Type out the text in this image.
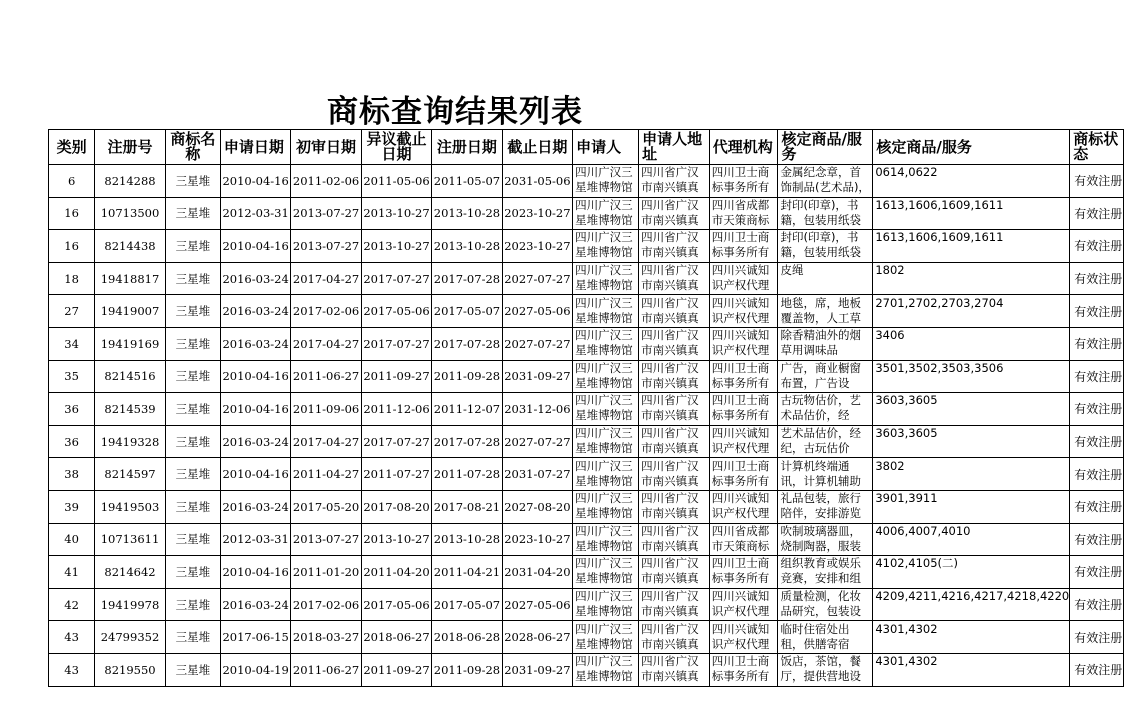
商标查询结果列表
类别	注册号	商标名称	申请日期	初审日期	异议截止日期	注册日期	截止日期	申请人	申请人地址	代理机构	核定商品/服务	核定商品/服务	商标状态
6	8214288	三星堆	2010-04-16	2011-02-06	2011-05-06	2011-05-07	2031-05-06	四川广汉三星堆博物馆	四川省广汉市南兴镇真	四川卫士商标事务所有	金属纪念章，首饰制品(艺术品)，	0614,0622	有效注册
16	10713500	三星堆	2012-03-31	2013-07-27	2013-10-27	2013-10-28	2023-10-27	四川广汉三星堆博物馆	四川省广汉市南兴镇真	四川省成都市天策商标	封印(印章)，书籍，包装用纸袋	1613,1606,1609,1611	有效注册
16	8214438	三星堆	2010-04-16	2013-07-27	2013-10-27	2013-10-28	2023-10-27	四川广汉三星堆博物馆	四川省广汉市南兴镇真	四川卫士商标事务所有	封印(印章)，书籍，包装用纸袋	1613,1606,1609,1611	有效注册
18	19418817	三星堆	2016-03-24	2017-04-27	2017-07-27	2017-07-28	2027-07-27	四川广汉三星堆博物馆	四川省广汉市南兴镇真	四川兴诚知识产权代理	皮绳	1802	有效注册
27	19419007	三星堆	2016-03-24	2017-02-06	2017-05-06	2017-05-07	2027-05-06	四川广汉三星堆博物馆	四川省广汉市南兴镇真	四川兴诚知识产权代理	地毯，席，地板覆盖物，人工草	2701,2702,2703,2704	有效注册
34	19419169	三星堆	2016-03-24	2017-04-27	2017-07-27	2017-07-28	2027-07-27	四川广汉三星堆博物馆	四川省广汉市南兴镇真	四川兴诚知识产权代理	除香精油外的烟草用调味品	3406	有效注册
35	8214516	三星堆	2010-04-16	2011-06-27	2011-09-27	2011-09-28	2031-09-27	四川广汉三星堆博物馆	四川省广汉市南兴镇真	四川卫士商标事务所有	广告，商业橱窗布置，广告设	3501,3502,3503,3506	有效注册
36	8214539	三星堆	2010-04-16	2011-09-06	2011-12-06	2011-12-07	2031-12-06	四川广汉三星堆博物馆	四川省广汉市南兴镇真	四川卫士商标事务所有	古玩物估价，艺术品估价，经	3603,3605	有效注册
36	19419328	三星堆	2016-03-24	2017-04-27	2017-07-27	2017-07-28	2027-07-27	四川广汉三星堆博物馆	四川省广汉市南兴镇真	四川兴诚知识产权代理	艺术品估价，经纪，古玩估价	3603,3605	有效注册
38	8214597	三星堆	2010-04-16	2011-04-27	2011-07-27	2011-07-28	2031-07-27	四川广汉三星堆博物馆	四川省广汉市南兴镇真	四川卫士商标事务所有	计算机终端通讯，计算机辅助	3802	有效注册
39	19419503	三星堆	2016-03-24	2017-05-20	2017-08-20	2017-08-21	2027-08-20	四川广汉三星堆博物馆	四川省广汉市南兴镇真	四川兴诚知识产权代理	礼品包装，旅行陪伴，安排游览	3901,3911	有效注册
40	10713611	三星堆	2012-03-31	2013-07-27	2013-10-27	2013-10-28	2023-10-27	四川广汉三星堆博物馆	四川省广汉市南兴镇真	四川省成都市天策商标	吹制玻璃器皿，烧制陶器，服装	4006,4007,4010	有效注册
41	8214642	三星堆	2010-04-16	2011-01-20	2011-04-20	2011-04-21	2031-04-20	四川广汉三星堆博物馆	四川省广汉市南兴镇真	四川卫士商标事务所有	组织教育或娱乐竞赛，安排和组	4102,4105(二)	有效注册
42	19419978	三星堆	2016-03-24	2017-02-06	2017-05-06	2017-05-07	2027-05-06	四川广汉三星堆博物馆	四川省广汉市南兴镇真	四川兴诚知识产权代理	质量检测，化妆品研究，包装设	4209,4211,4216,4217,4218,4220	有效注册
43	24799352	三星堆	2017-06-15	2018-03-27	2018-06-27	2018-06-28	2028-06-27	四川广汉三星堆博物馆	四川省广汉市南兴镇真	四川兴诚知识产权代理	临时住宿处出租，供膳寄宿	4301,4302	有效注册
43	8219550	三星堆	2010-04-19	2011-06-27	2011-09-27	2011-09-28	2031-09-27	四川广汉三星堆博物馆	四川省广汉市南兴镇真	四川卫士商标事务所有	饭店，茶馆，餐厅，提供营地设	4301,4302	有效注册
